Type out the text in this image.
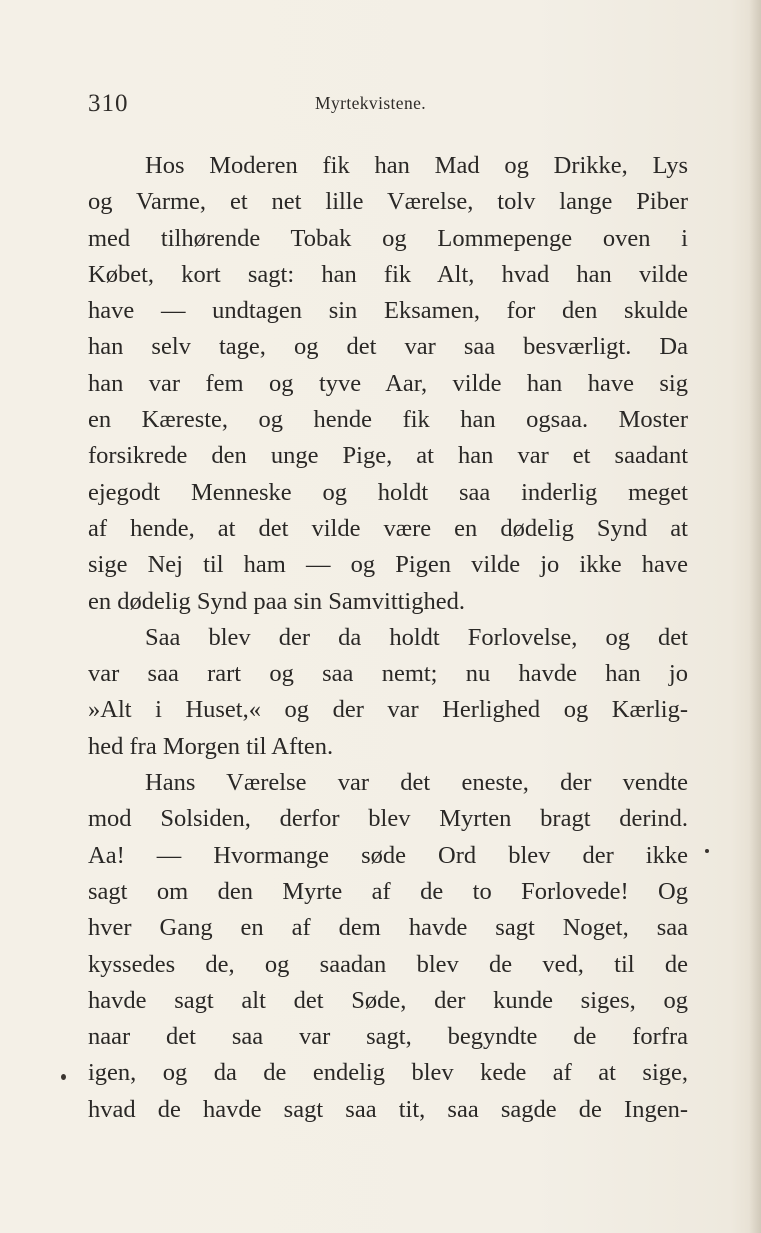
310	Myrtekvistene.
Hos Moderen fik han Mad og Drikke, Lys
og Varme, et net lille Værelse, tolv lange Piber
med tilhørende Tobak og Lommepenge oven i
Købet, kort sagt: han fik Alt, hvad han vilde
have — undtagen sin Eksamen, for den skulde
han selv tage, og det var saa besværligt. Da
han var fem og tyve Aar, vilde han have sig
en Kæreste, og hende fik han ogsaa. Moster
forsikrede den unge Pige, at han var et saadant
ejegodt Menneske og holdt saa inderlig meget
af hende, at det vilde være en dødelig Synd at
sige Nej til ham — og Pigen vilde jo ikke have
en dødelig Synd paa sin Samvittighed.
Saa blev der da holdt Forlovelse, og det
var saa rart og saa nemt; nu havde han jo
»Alt i Huset,« og der var Herlighed og Kærlig-
hed fra Morgen til Aften.
Hans Værelse var det eneste, der vendte
mod Solsiden, derfor blev Myrten bragt derind.
Aa! — Hvormange søde Ord blev der ikke
sagt om den Myrte af de to Forlovede! Og
hver Gang en af dem havde sagt Noget, saa
kyssedes de, og saadan blev de ved, til de
havde sagt alt det Søde, der kunde siges, og
naar det saa var sagt, begyndte de forfra
igen, og da de endelig blev kede af at sige,
hvad de havde sagt saa tit, saa sagde de Ingen-
